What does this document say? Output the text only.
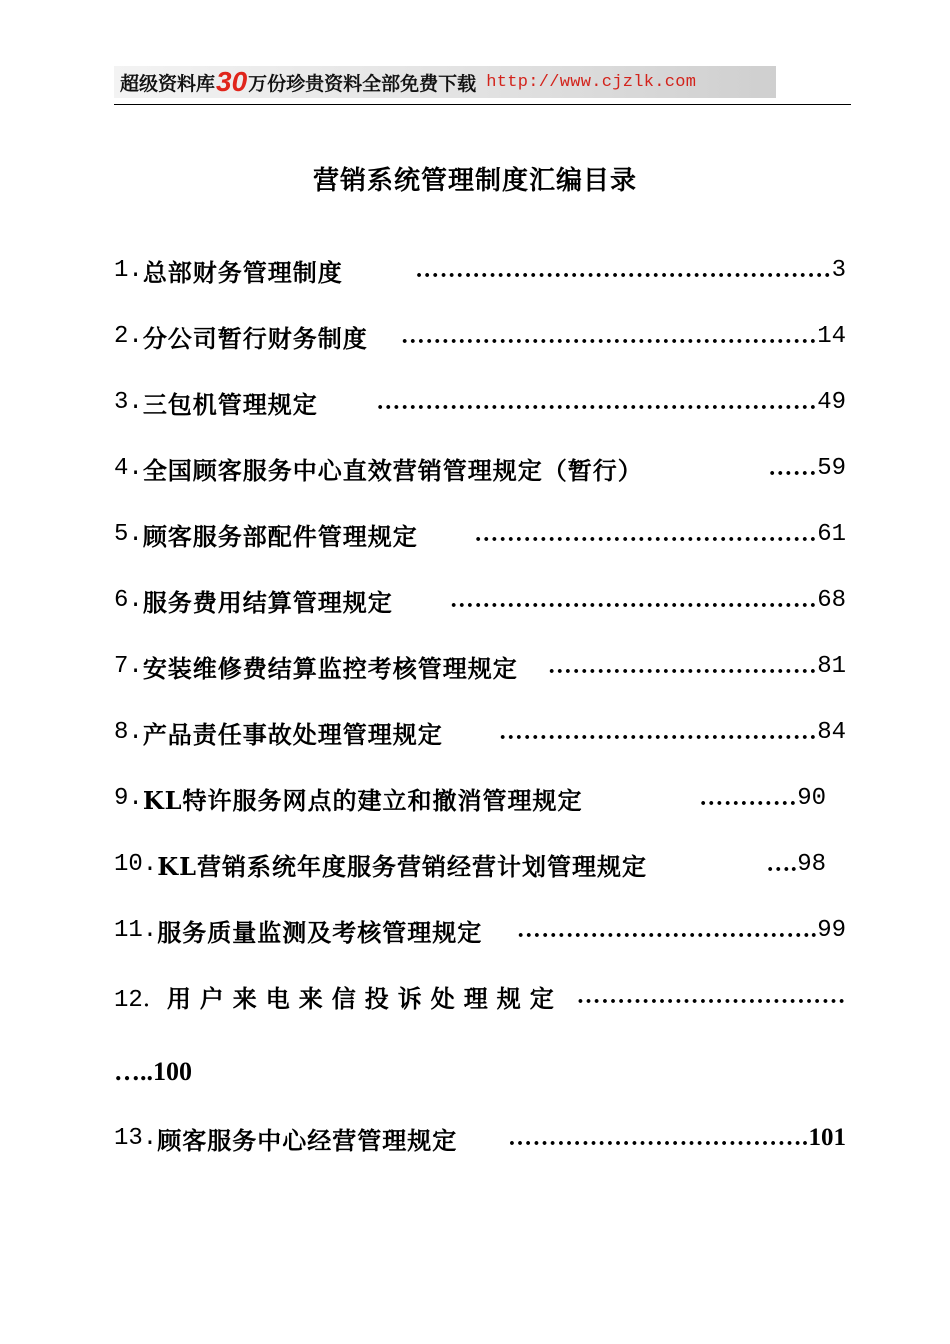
超级资料库 30 万份珍贵资料全部免费下载 http://www.cjzlk.com
营销系统管理制度汇编目录
1. 总部财务管理制度	…………………………………………… 3
2. 分公司暂行财务制度	…………………………………………… 14
3. 三包机管理规定	……………………………………………… 49
4. 全国顾客服务中心直效营销管理规定（暂行）	…… 59
5. 顾客服务部配件管理规定	…………………………………… 61
6. 服务费用结算管理规定	……………………………………… 68
7. 安装维修费结算监控考核管理规定	…………………………… 81
8. 产品责任事故处理管理规定	………………………………… 84
9. KL特许服务网点的建立和撤消管理规定	………… 90
10. KL营销系统年度服务营销经营计划管理规定	…. 98
11. 服务质量监测及考核管理规定	………………………………. 99
12． 用户来电来信投诉处理规定 ……………………………
…..100
13. 顾客服务中心经营管理规定	………………………………. 101
